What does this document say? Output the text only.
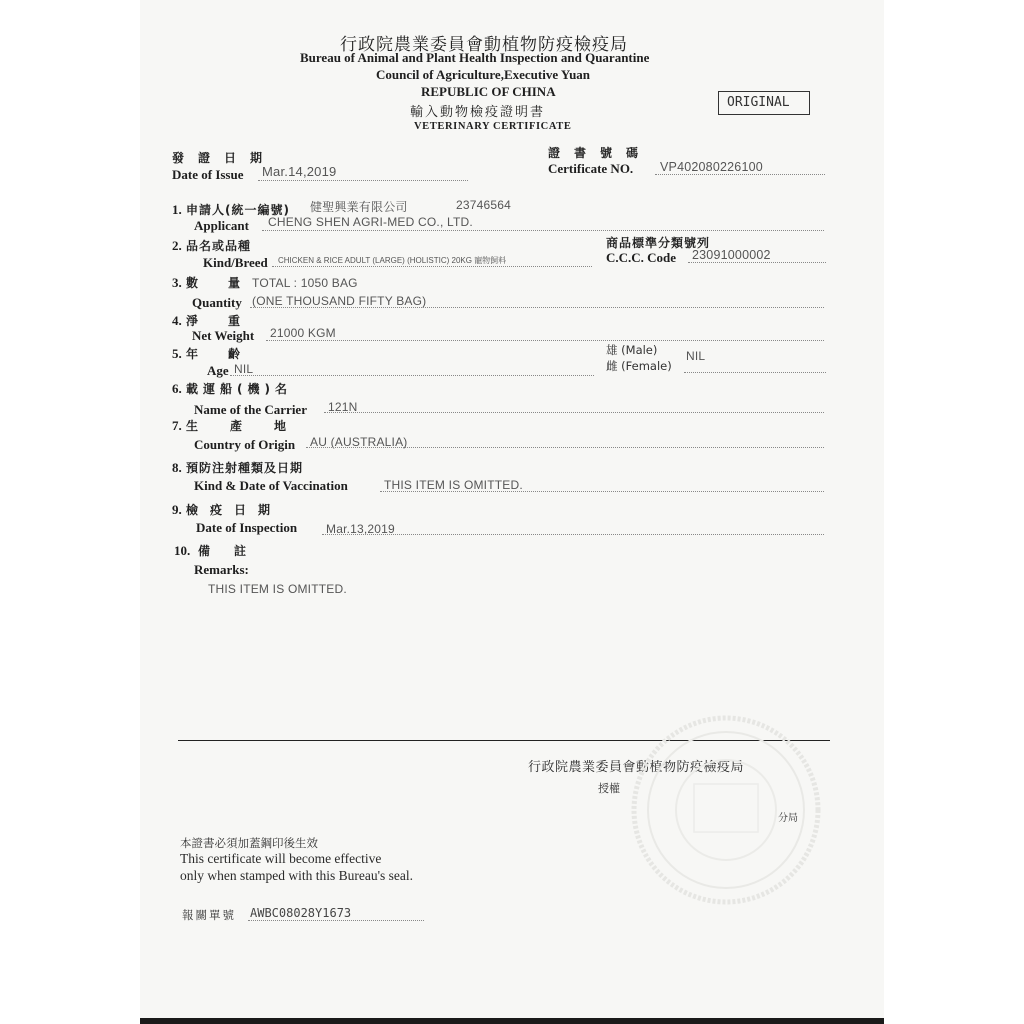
行政院農業委員會動植物防疫檢疫局
Bureau of Animal and Plant Health Inspection and Quarantine
Council of Agriculture,Executive Yuan
REPUBLIC OF CHINA
輸入動物檢疫證明書
VETERINARY CERTIFICATE
ORIGINAL
發證日期
Date of Issue Mar.14,2019
證書號碼
Certificate NO. VP402080226100
1. 申請人(統一編號) 健聖興業有限公司	23746564
Applicant CHENG SHEN AGRI-MED CO., LTD.
2. 品名或品種
Kind/Breed CHICKEN & RICE ADULT (LARGE) (HOLISTIC) 20KG 寵物飼料
商品標準分類號列
C.C.C. Code 23091000002
3. 數　　量 TOTAL : 1050 BAG
Quantity (ONE THOUSAND FIFTY BAG)
4. 淨　　重
Net Weight 21000 KGM
5. 年　　齡
Age NIL
雄 (Male)
雌 (Female)
NIL
6. 載運船(機)名
Name of the Carrier 121N
7. 生　產　地
Country of Origin AU (AUSTRALIA)
8. 預防注射種類及日期
Kind & Date of Vaccination	THIS ITEM IS OMITTED.
9. 檢疫日期
Date of Inspection Mar.13,2019
10. 備　註
Remarks:
THIS ITEM IS OMITTED.
行政院農業委員會動植物防疫檢疫局
授權
分局
本證書必須加蓋鋼印後生效
This certificate will become effective
only when stamped with this Bureau's seal.
報關單號 AWBC08028Y1673
